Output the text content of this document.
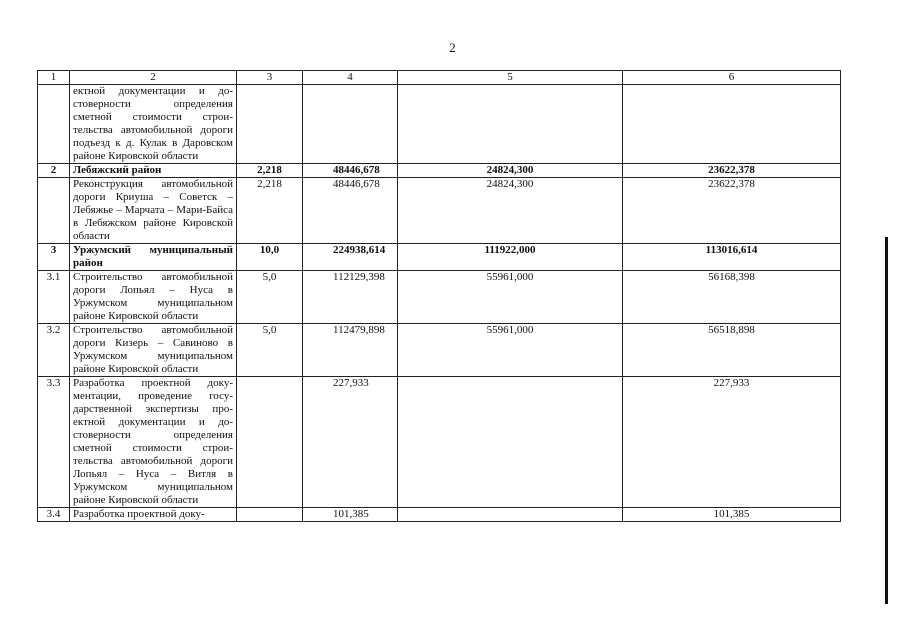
2
1	2	3	4	5	6
	ектной документации и достоверности определения сметной стоимости строительства автомобильной дороги подъезд к д. Кулак в Даровском районе Кировской области				
2	Лебяжский район	2,218	48446,678	24824,300	23622,378
	Реконструкция автомобильной дороги Криуша – Советск – Лебяжье – Марчата – Мари-Байса в Лебяжском районе Кировской области	2,218	48446,678	24824,300	23622,378
3	Уржумский муниципальный район	10,0	224938,614	111922,000	113016,614
3.1	Строительство автомобильной дороги Лопьял – Нуса в Уржумском муниципальном районе Кировской области	5,0	112129,398	55961,000	56168,398
3.2	Строительство автомобильной дороги Кизерь – Савиново в Уржумском муниципальном районе Кировской области	5,0	112479,898	55961,000	56518,898
3.3	Разработка проектной документации, проведение государственной экспертизы проектной документации и достоверности определения сметной стоимости строительства автомобильной дороги Лопьял – Нуса – Витля в Уржумском муниципальном районе Кировской области		227,933		227,933
3.4	Разработка проектной доку-		101,385		101,385
